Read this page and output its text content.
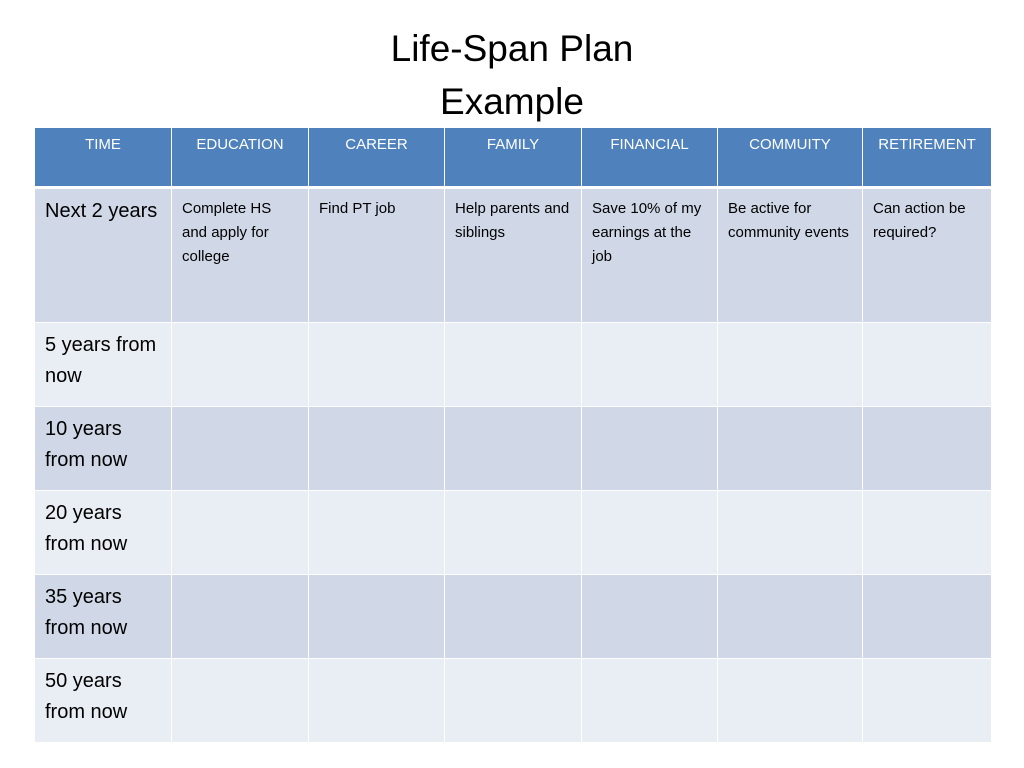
Life-Span Plan
Example
TIME	EDUCATION	CAREER	FAMILY	FINANCIAL	COMMUITY	RETIREMENT
Next 2 years	Complete HS and apply for college	Find PT job	Help parents and siblings	Save 10% of my earnings at the job	Be active for community events	Can action be required?
5 years from now						
10 years from now						
20 years from now						
35 years from now						
50 years from now						
